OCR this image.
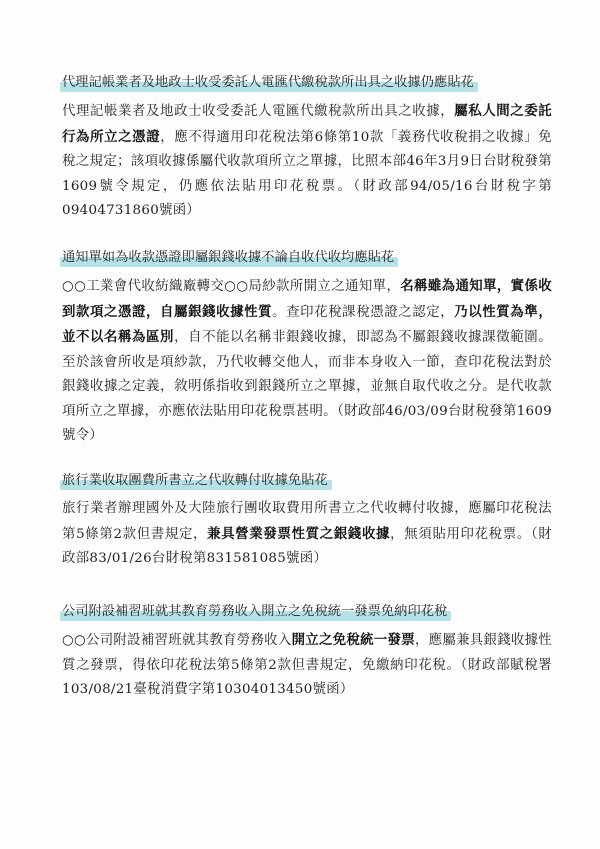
代理記帳業者及地政士收受委託人電匯代繳稅款所出具之收據仍應貼花

代理記帳業者及地政士收受委託人電匯代繳稅款所出具之收據，屬私人間之委託行為所立之憑證，應不得適用印花稅法第6條第10款「義務代收稅捐之收據」免稅之規定；該項收據係屬代收款項所立之單據，比照本部46年3月9日台財稅發第1609號令規定，仍應依法貼用印花稅票。（財政部94/05/16台財稅字第09404731860號函）

通知單如為收款憑證即屬銀錢收據不論自收代收均應貼花

○○工業會代收紡織廠轉交○○局紗款所開立之通知單，名稱雖為通知單，實係收到款項之憑證，自屬銀錢收據性質。查印花稅課稅憑證之認定，乃以性質為準，並不以名稱為區別，自不能以名稱非銀錢收據，即認為不屬銀錢收據課徵範圍。至於該會所收是項紗款，乃代收轉交他人，而非本身收入一節，查印花稅法對於銀錢收據之定義，敘明係指收到銀錢所立之單據，並無自取代收之分。是代收款項所立之單據，亦應依法貼用印花稅票甚明。（財政部46/03/09台財稅發第1609號令）

旅行業收取團費所書立之代收轉付收據免貼花

旅行業者辦理國外及大陸旅行團收取費用所書立之代收轉付收據，應屬印花稅法第5條第2款但書規定，兼具營業發票性質之銀錢收據，無須貼用印花稅票。（財政部83/01/26台財稅第831581085號函）

公司附設補習班就其教育勞務收入開立之免稅統一發票免納印花稅

○○公司附設補習班就其教育勞務收入開立之免稅統一發票，應屬兼具銀錢收據性質之發票，得依印花稅法第5條第2款但書規定，免繳納印花稅。（財政部賦稅署103/08/21臺稅消費字第10304013450號函）
